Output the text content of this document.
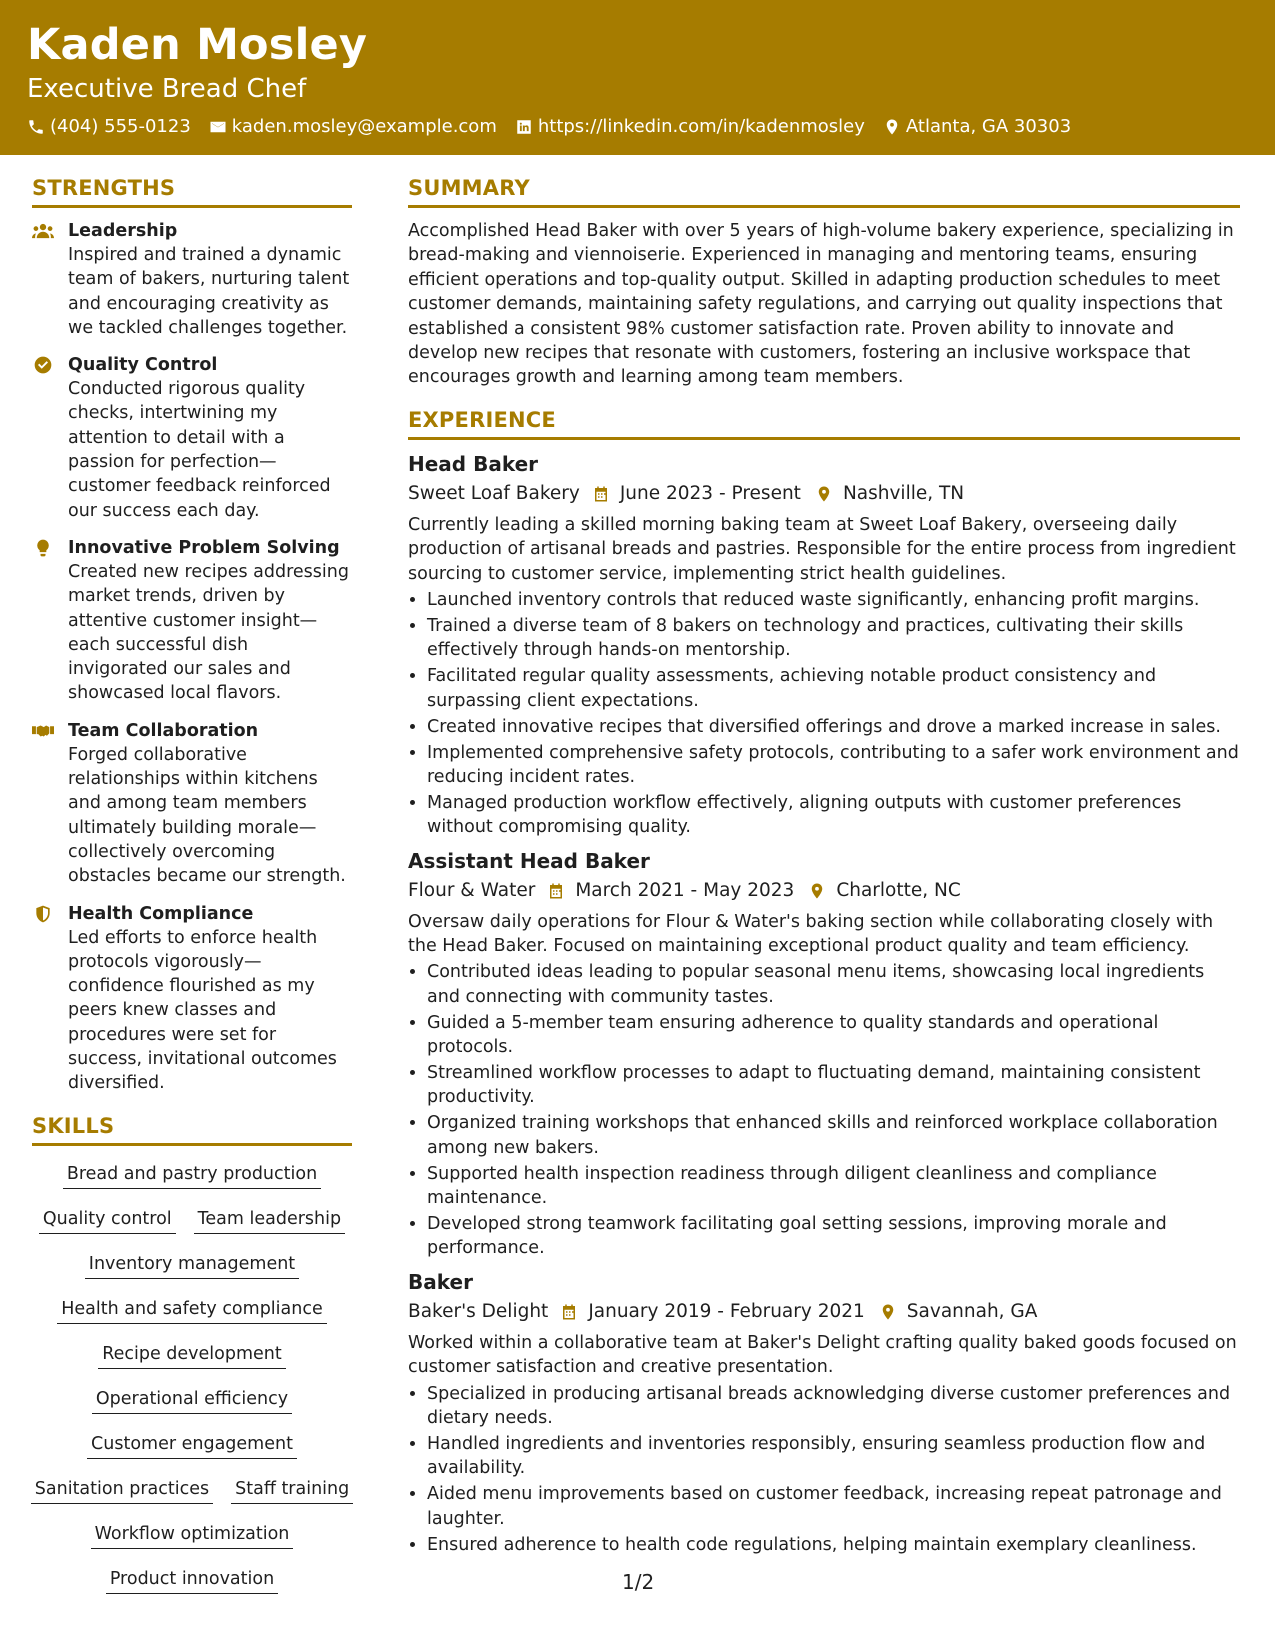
Kaden Mosley
Executive Bread Chef
(404) 555-0123 kaden.mosley@example.com https://linkedin.com/in/kadenmosley Atlanta, GA 30303
STRENGTHS
Leadership
Inspired and trained a dynamic team of bakers, nurturing talent and encouraging creativity as we tackled challenges together.
Quality Control
Conducted rigorous quality checks, intertwining my attention to detail with a passion for perfection—customer feedback reinforced our success each day.
Innovative Problem Solving
Created new recipes addressing market trends, driven by attentive customer insight—each successful dish invigorated our sales and showcased local flavors.
Team Collaboration
Forged collaborative relationships within kitchens and among team members ultimately building morale—collectively overcoming obstacles became our strength.
Health Compliance
Led efforts to enforce health protocols vigorously—confidence flourished as my peers knew classes and procedures were set for success, invitational outcomes diversified.
SKILLS
Bread and pastry production
Quality control Team leadership
Inventory management
Health and safety compliance
Recipe development
Operational efficiency
Customer engagement
Sanitation practices Staff training
Workflow optimization
Product innovation
SUMMARY

Accomplished Head Baker with over 5 years of high-volume bakery experience, specializing in bread-making and viennoiserie. Experienced in managing and mentoring teams, ensuring efficient operations and top-quality output. Skilled in adapting production schedules to meet customer demands, maintaining safety regulations, and carrying out quality inspections that established a consistent 98% customer satisfaction rate. Proven ability to innovate and develop new recipes that resonate with customers, fostering an inclusive workspace that encourages growth and learning among team members.

EXPERIENCE
Head Baker
Sweet Loaf Bakery June 2023 - Present Nashville, TN

Currently leading a skilled morning baking team at Sweet Loaf Bakery, overseeing daily production of artisanal breads and pastries. Responsible for the entire process from ingredient sourcing to customer service, implementing strict health guidelines.

• Launched inventory controls that reduced waste significantly, enhancing profit margins.
• Trained a diverse team of 8 bakers on technology and practices, cultivating their skills effectively through hands-on mentorship.
• Facilitated regular quality assessments, achieving notable product consistency and surpassing client expectations.
• Created innovative recipes that diversified offerings and drove a marked increase in sales.
• Implemented comprehensive safety protocols, contributing to a safer work environment and reducing incident rates.
• Managed production workflow effectively, aligning outputs with customer preferences without compromising quality.
Assistant Head Baker
Flour & Water March 2021 - May 2023 Charlotte, NC

Oversaw daily operations for Flour & Water's baking section while collaborating closely with the Head Baker. Focused on maintaining exceptional product quality and team efficiency.

• Contributed ideas leading to popular seasonal menu items, showcasing local ingredients and connecting with community tastes.
• Guided a 5-member team ensuring adherence to quality standards and operational protocols.
• Streamlined workflow processes to adapt to fluctuating demand, maintaining consistent productivity.
• Organized training workshops that enhanced skills and reinforced workplace collaboration among new bakers.
• Supported health inspection readiness through diligent cleanliness and compliance maintenance.
• Developed strong teamwork facilitating goal setting sessions, improving morale and performance.
Baker
Baker's Delight January 2019 - February 2021 Savannah, GA

Worked within a collaborative team at Baker's Delight crafting quality baked goods focused on customer satisfaction and creative presentation.

• Specialized in producing artisanal breads acknowledging diverse customer preferences and dietary needs.
• Handled ingredients and inventories responsibly, ensuring seamless production flow and availability.
• Aided menu improvements based on customer feedback, increasing repeat patronage and laughter.
• Ensured adherence to health code regulations, helping maintain exemplary cleanliness.
1/2
